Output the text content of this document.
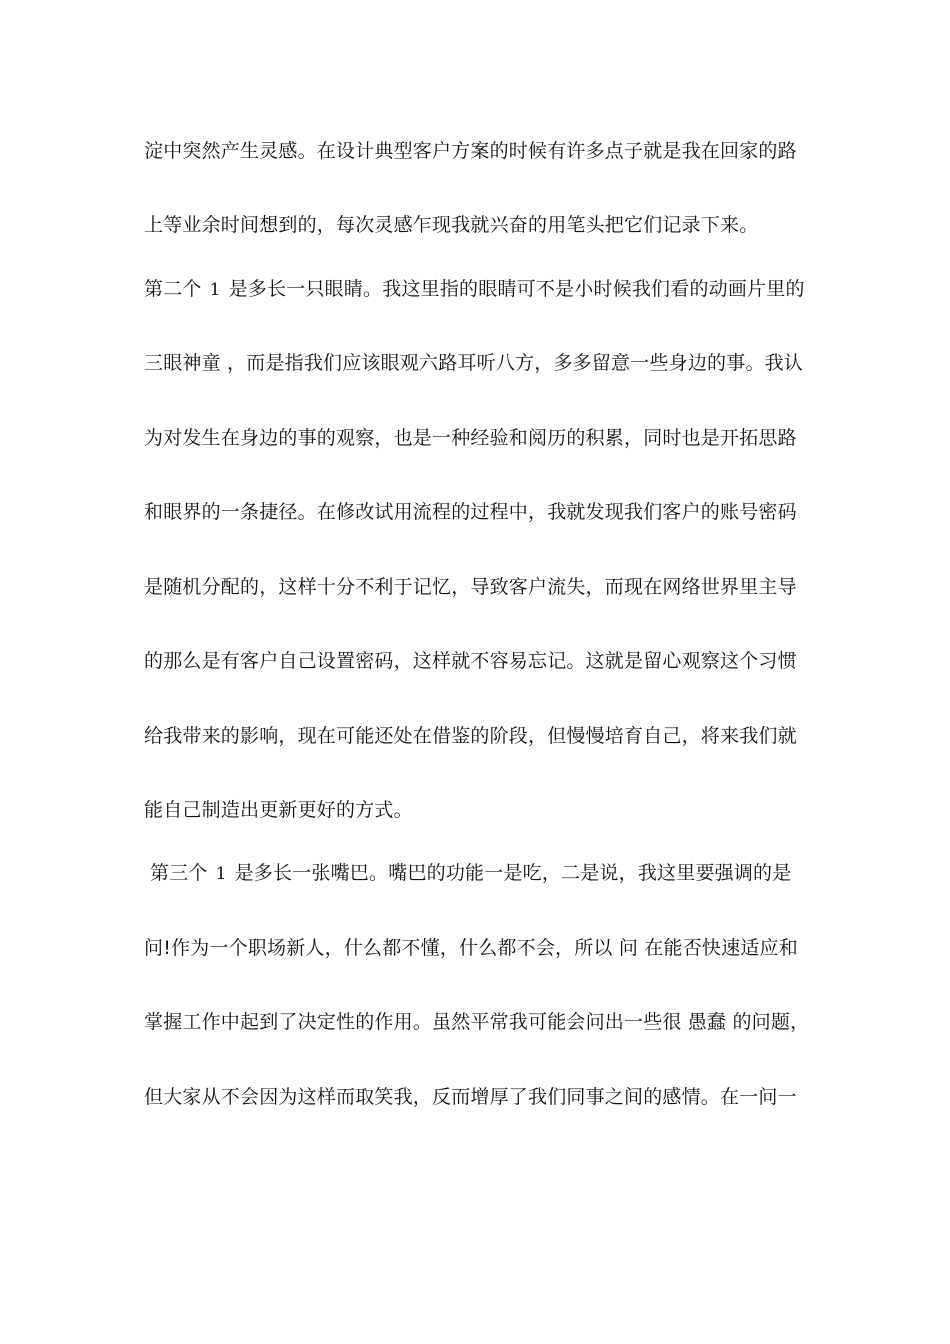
淀中突然产生灵感。在设计典型客户方案的时候有许多点子就是我在回家的路
上等业余时间想到的，每次灵感乍现我就兴奋的用笔头把它们记录下来。
第二个 1 是多长一只眼睛。我这里指的眼睛可不是小时候我们看的动画片里的
三眼神童 ，而是指我们应该眼观六路耳听八方，多多留意一些身边的事。我认
为对发生在身边的事的观察，也是一种经验和阅历的积累，同时也是开拓思路
和眼界的一条捷径。在修改试用流程的过程中，我就发现我们客户的账号密码
是随机分配的，这样十分不利于记忆，导致客户流失，而现在网络世界里主导
的那么是有客户自己设置密码，这样就不容易忘记。这就是留心观察这个习惯
给我带来的影响，现在可能还处在借鉴的阶段，但慢慢培育自己，将来我们就
能自己制造出更新更好的方式。
第三个 1 是多长一张嘴巴。嘴巴的功能一是吃，二是说，我这里要强调的是
问!作为一个职场新人，什么都不懂，什么都不会，所以 问 在能否快速适应和
掌握工作中起到了决定性的作用。虽然平常我可能会问出一些很 愚蠢 的问题，
但大家从不会因为这样而取笑我，反而增厚了我们同事之间的感情。在一问一
